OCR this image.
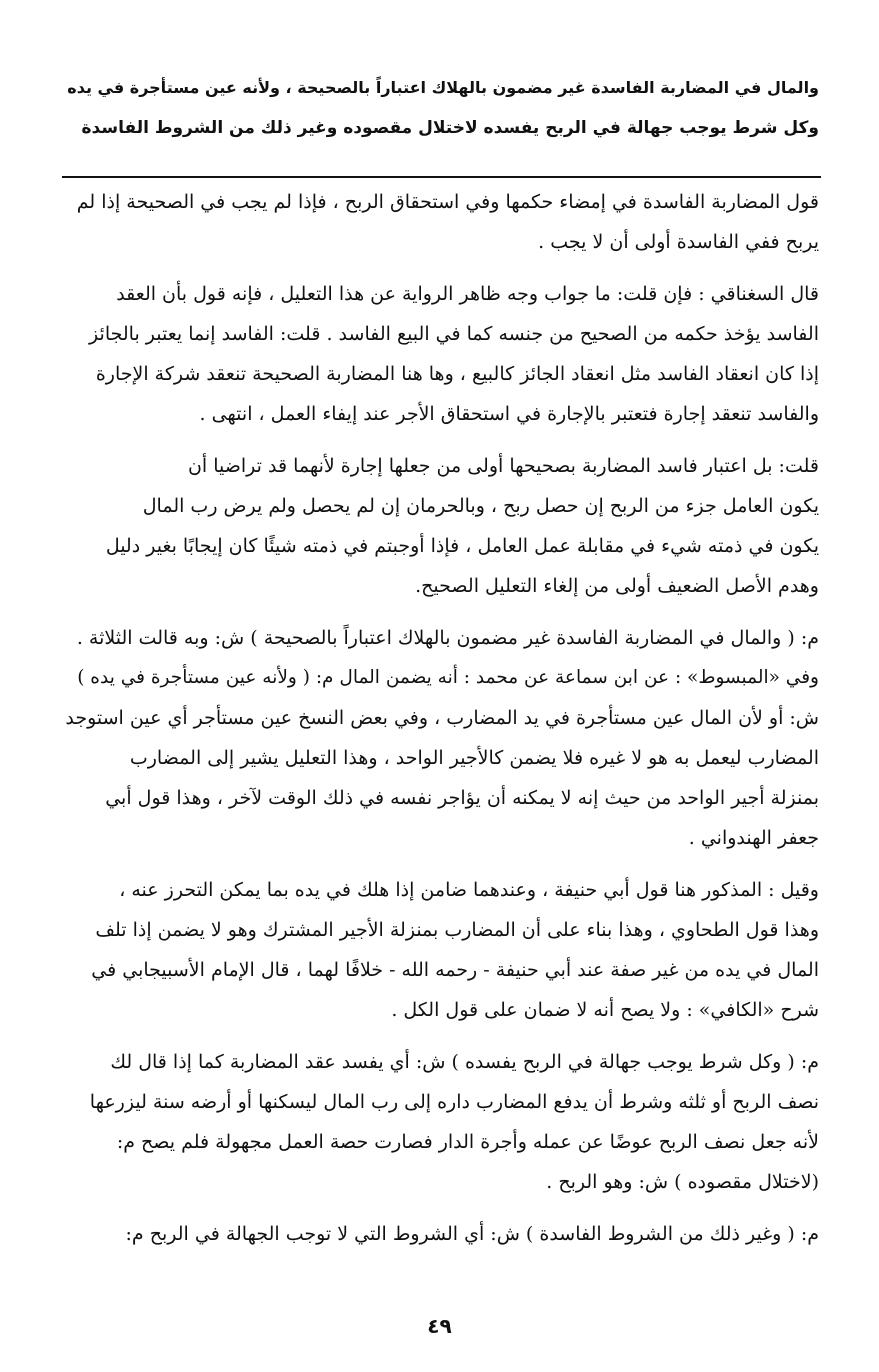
والمال في المضاربة الفاسدة غير مضمون بالهلاك اعتباراً بالصحيحة ، ولأنه عين مستأجرة في يده
وكل شرط يوجب جهالة في الربح يفسده لاختلال مقصوده وغير ذلك من الشروط الفاسدة
قول المضاربة الفاسدة في إمضاء حكمها وفي استحقاق الربح ، فإذا لم يجب في الصحيحة إذا لم
يربح ففي الفاسدة أولى أن لا يجب .
قال السغناقي : فإن قلت: ما جواب وجه ظاهر الرواية عن هذا التعليل ، فإنه قول بأن العقد
الفاسد يؤخذ حكمه من الصحيح من جنسه كما في البيع الفاسد . قلت: الفاسد إنما يعتبر بالجائز
إذا كان انعقاد الفاسد مثل انعقاد الجائز كالبيع ، وها هنا المضاربة الصحيحة تنعقد شركة الإجارة
والفاسد تنعقد إجارة فتعتبر بالإجارة في استحقاق الأجر عند إيفاء العمل ، انتهى .
قلت: بل اعتبار فاسد المضاربة بصحيحها أولى من جعلها إجارة لأنهما قد تراضيا أن
يكون العامل جزء من الربح إن حصل ربح ، وبالحرمان إن لم يحصل ولم يرض رب المال
يكون في ذمته شيء في مقابلة عمل العامل ، فإذا أوجبتم في ذمته شيئًا كان إيجابًا بغير دليل
وهدم الأصل الضعيف أولى من إلغاء التعليل الصحيح.
م: ( والمال في المضاربة الفاسدة غير مضمون بالهلاك اعتباراً بالصحيحة ) ش: وبه قالت الثلاثة .
وفي «المبسوط» : عن ابن سماعة عن محمد : أنه يضمن المال م: ( ولأنه عين مستأجرة في يده )
ش: أو لأن المال عين مستأجرة في يد المضارب ، وفي بعض النسخ عين مستأجر أي عين استوجد
المضارب ليعمل به هو لا غيره فلا يضمن كالأجير الواحد ، وهذا التعليل يشير إلى المضارب
بمنزلة أجير الواحد من حيث إنه لا يمكنه أن يؤاجر نفسه في ذلك الوقت لآخر ، وهذا قول أبي
جعفر الهندواني .
وقيل : المذكور هنا قول أبي حنيفة ، وعندهما ضامن إذا هلك في يده بما يمكن التحرز عنه ،
وهذا قول الطحاوي ، وهذا بناء على أن المضارب بمنزلة الأجير المشترك وهو لا يضمن إذا تلف
المال في يده من غير صفة عند أبي حنيفة - رحمه الله - خلافًا لهما ، قال الإمام الأسبيجابي في
شرح «الكافي» : ولا يصح أنه لا ضمان على قول الكل .
م: ( وكل شرط يوجب جهالة في الربح يفسده ) ش: أي يفسد عقد المضاربة كما إذا قال لك
نصف الربح أو ثلثه وشرط أن يدفع المضارب داره إلى رب المال ليسكنها أو أرضه سنة ليزرعها
لأنه جعل نصف الربح عوضًا عن عمله وأجرة الدار فصارت حصة العمل مجهولة فلم يصح م:
(لاختلال مقصوده ) ش: وهو الربح .
م: ( وغير ذلك من الشروط الفاسدة ) ش: أي الشروط التي لا توجب الجهالة في الربح م:
٤٩
